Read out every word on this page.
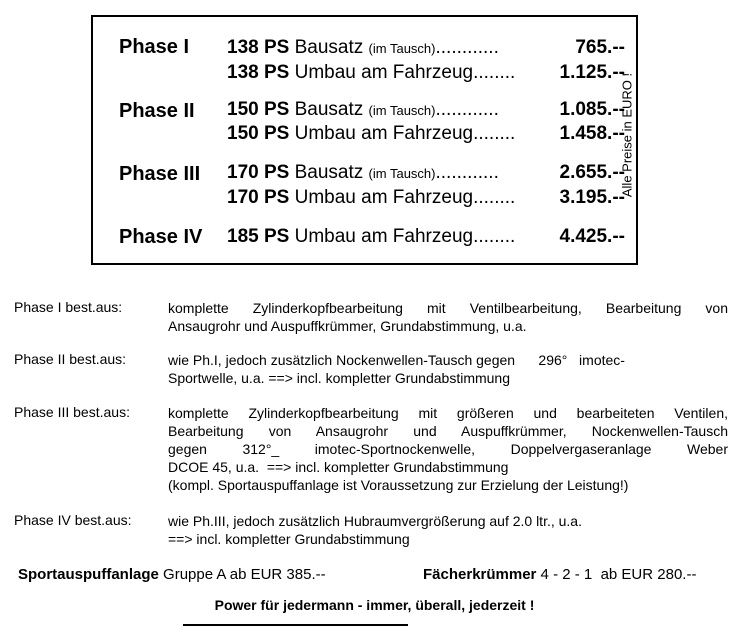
Alle Preise in EURO !
Phase I 138 PS Bausatz (im Tausch)............	765.--
138 PS Umbau am Fahrzeug........ 1.125.--
Phase II 150 PS Bausatz (im Tausch)............	1.085.--
150 PS Umbau am Fahrzeug........ 1.458.--
Phase III 170 PS Bausatz (im Tausch)............	2.655.--
170 PS Umbau am Fahrzeug........ 3.195.--
Phase IV 185 PS Umbau am Fahrzeug........ 4.425.--
Phase I best.aus:	komplette Zylinderkopfbearbeitung mit Ventilbearbeitung, Bearbeitung von
Ansaugrohr und Auspuffkrümmer, Grundabstimmung, u.a.
Phase II best.aus:	wie Ph.I, jedoch zusätzlich Nockenwellen-Tausch gegen      296°   imotec-
Sportwelle, u.a. ==> incl. kompletter Grundabstimmung
Phase III best.aus:	komplette Zylinderkopfbearbeitung mit größeren und bearbeiteten Ventilen,
Bearbeitung von Ansaugrohr und Auspuffkrümmer, Nockenwellen-Tausch
gegen 312°_ imotec-Sportnockenwelle, Doppelvergaseranlage Weber
DCOE 45, u.a.  ==> incl. kompletter Grundabstimmung
(kompl. Sportauspuffanlage ist Voraussetzung zur Erzielung der Leistung!)
Phase IV best.aus:	wie Ph.III, jedoch zusätzlich Hubraumvergrößerung auf 2.0 ltr., u.a.
==> incl. kompletter Grundabstimmung
Sportauspuffanlage Gruppe A ab EUR 385.--	Fächerkrümmer 4 - 2 - 1  ab EUR 280.--
Power für jedermann - immer, überall, jederzeit !
